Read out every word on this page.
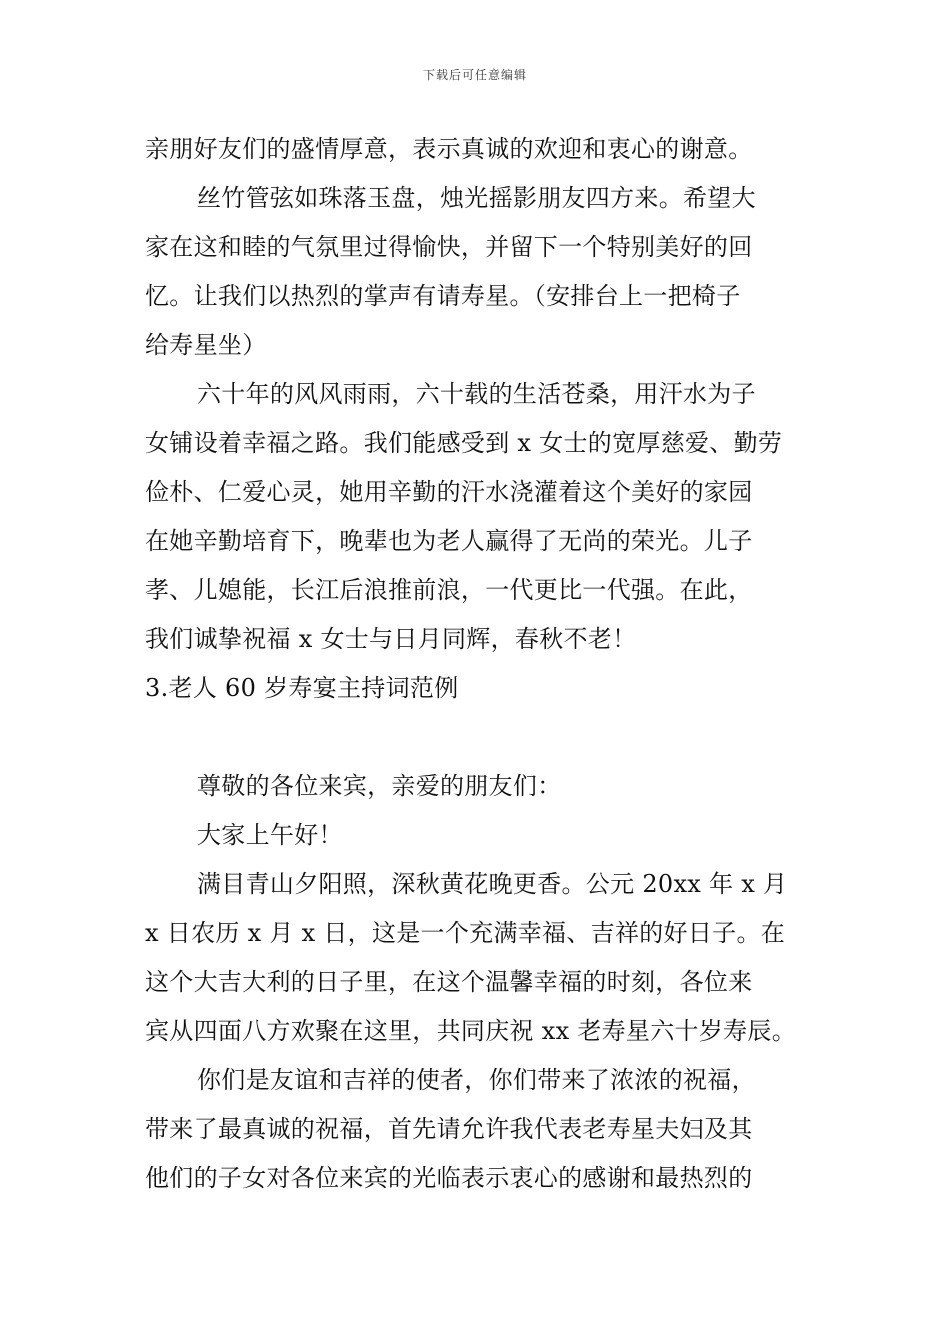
下载后可任意编辑
亲朋好友们的盛情厚意，表示真诚的欢迎和衷心的谢意。
丝竹管弦如珠落玉盘，烛光摇影朋友四方来。希望大
家在这和睦的气氛里过得愉快，并留下一个特别美好的回
忆。让我们以热烈的掌声有请寿星。（安排台上一把椅子
给寿星坐）
六十年的风风雨雨，六十载的生活苍桑，用汗水为子
女铺设着幸福之路。我们能感受到 x 女士的宽厚慈爱、勤劳
俭朴、仁爱心灵，她用辛勤的汗水浇灌着这个美好的家园
在她辛勤培育下，晚辈也为老人赢得了无尚的荣光。儿子
孝、儿媳能，长江后浪推前浪，一代更比一代强。在此，
我们诚挚祝福 x 女士与日月同辉，春秋不老！
3.老人 60 岁寿宴主持词范例
尊敬的各位来宾，亲爱的朋友们：
大家上午好！
满目青山夕阳照，深秋黄花晚更香。公元 20xx 年 x 月
x 日农历 x 月 x 日，这是一个充满幸福、吉祥的好日子。在
这个大吉大利的日子里，在这个温馨幸福的时刻，各位来
宾从四面八方欢聚在这里，共同庆祝 xx 老寿星六十岁寿辰。
你们是友谊和吉祥的使者，你们带来了浓浓的祝福，
带来了最真诚的祝福，首先请允许我代表老寿星夫妇及其
他们的子女对各位来宾的光临表示衷心的感谢和最热烈的
